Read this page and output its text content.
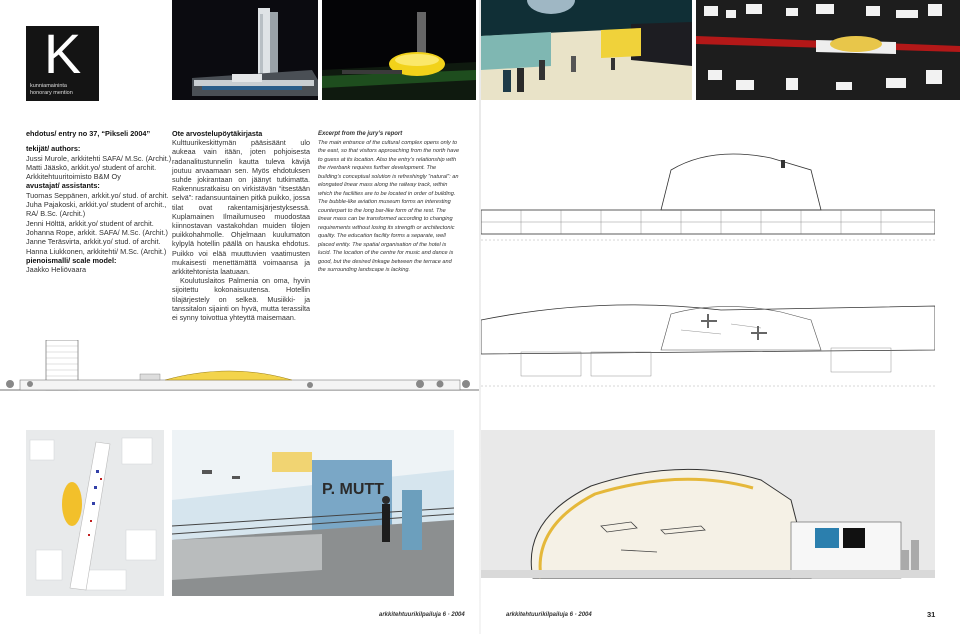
K
kunniamaininta
honorary mention
ehdotus/ entry no 37, “Pikseli 2004”
tekijät/ authors:
Jussi Murole, arkkitehti SAFA/ M.Sc. (Archit.)
Matti Jääskö, arkkit.yo/ student of archit.
Arkkitehtuuritoimisto B&M Oy
avustajat/ assistants:
Tuomas Seppänen, arkkit.yo/ stud. of archit.
Juha Pajakoski, arkkit.yo/ student of archit.,
RA/ B.Sc. (Archit.)
Jenni Hölttä, arkkit.yo/ student of archit.
Johanna Rope, arkkit. SAFA/ M.Sc. (Archit.)
Janne Teräsvirta, arkkit.yo/ stud. of archit.
Hanna Liukkonen, arkkitehti/ M.Sc. (Archit.)
pienoismalli/ scale model:
Jaakko Heliövaara
Ote arvostelupöytäkirjasta

Kulttuurikeskittymän pääsisäänt ulo aukeaa vain itään, joten pohjoisesta radanalitustunnelin kautta tuleva kävijä joutuu arvaamaan sen. Myös ehdotuksen suhde jokirantaan on jäänyt tutkimatta. Rakennusratkaisu on virkistävän “itsestään selvä”: radansuuntainen pitkä puikko, jossa tilat ovat rakentamisjärjestyksessä. Kuplamainen Ilmailumuseo muodostaa kiinnostavan vastakohdan muiden tilojen puikkohahmolle. Ohjelmaan kuulumaton kylpylä hotellin päällä on hauska ehdotus. Puikko voi elää muuttuvien vaatimusten mukaisesti menettämättä voimaansa ja arkkitehtonista laatuaan.

Koulutuslaitos Palmenia on oma, hyvin sijoitettu kokonaisuutensa. Hotellin tilajärjestely on selkeä. Musiikki- ja tanssitalon sijainti on hyvä, mutta terassilta ei synny toivottua yhteyttä maisemaan.

Excerpt from the jury’s report
The main entrance of the cultural complex opens only to the east, so that visitors approaching from the north have to guess at its location. Also the entry’s relationship with the riverbank requires further development. The building’s conceptual solution is refreshingly “natural”: an elongated linear mass along the railway track, within which the facilities are to be located in order of building. The bubble-like aviation museum forms an interesting counterpart to the long bar-like form of the rest. The linear mass can be transformed according to changing requirements without losing its strength or architectonic quality. The education facility forms a separate, well placed entity. The spatial organisation of the hotel is lucid. The location of the centre for music and dance is good, but the desired linkage between the terrace and the surrounding landscape is lacking.
P. MUTT
arkkitehtuurikilpailuja 6 · 2004	arkkitehtuurikilpailuja 6 · 2004	31
